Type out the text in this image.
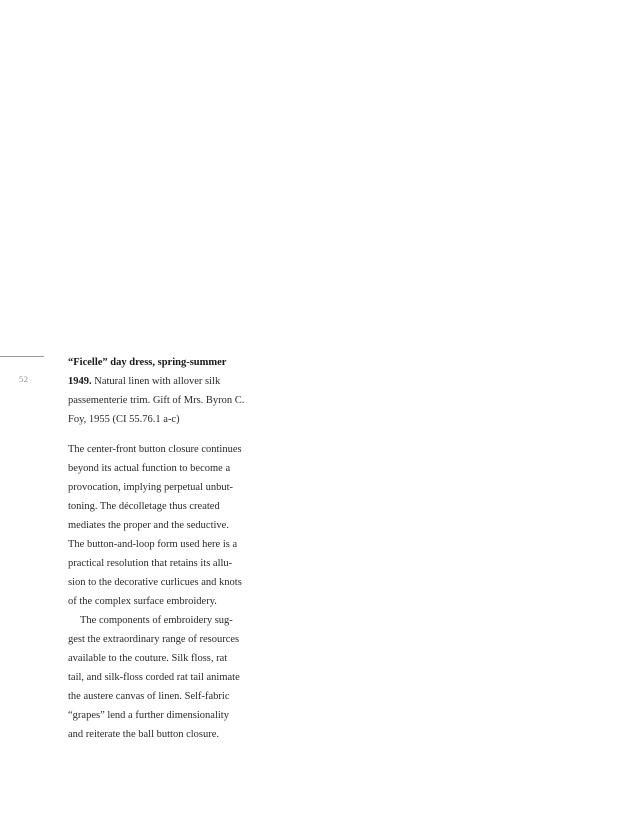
52
“Ficelle” day dress, spring-summer
1949. Natural linen with allover silk
passementerie trim. Gift of Mrs. Byron C.
Foy, 1955 (CI 55.76.1 a-c)
The center-front button closure continues
beyond its actual function to become a
provocation, implying perpetual unbut-
toning. The décolletage thus created
mediates the proper and the seductive.
The button-and-loop form used here is a
practical resolution that retains its allu-
sion to the decorative curlicues and knots
of the complex surface embroidery.
The components of embroidery sug-
gest the extraordinary range of resources
available to the couture. Silk floss, rat
tail, and silk-floss corded rat tail animate
the austere canvas of linen. Self-fabric
“grapes” lend a further dimensionality
and reiterate the ball button closure.
